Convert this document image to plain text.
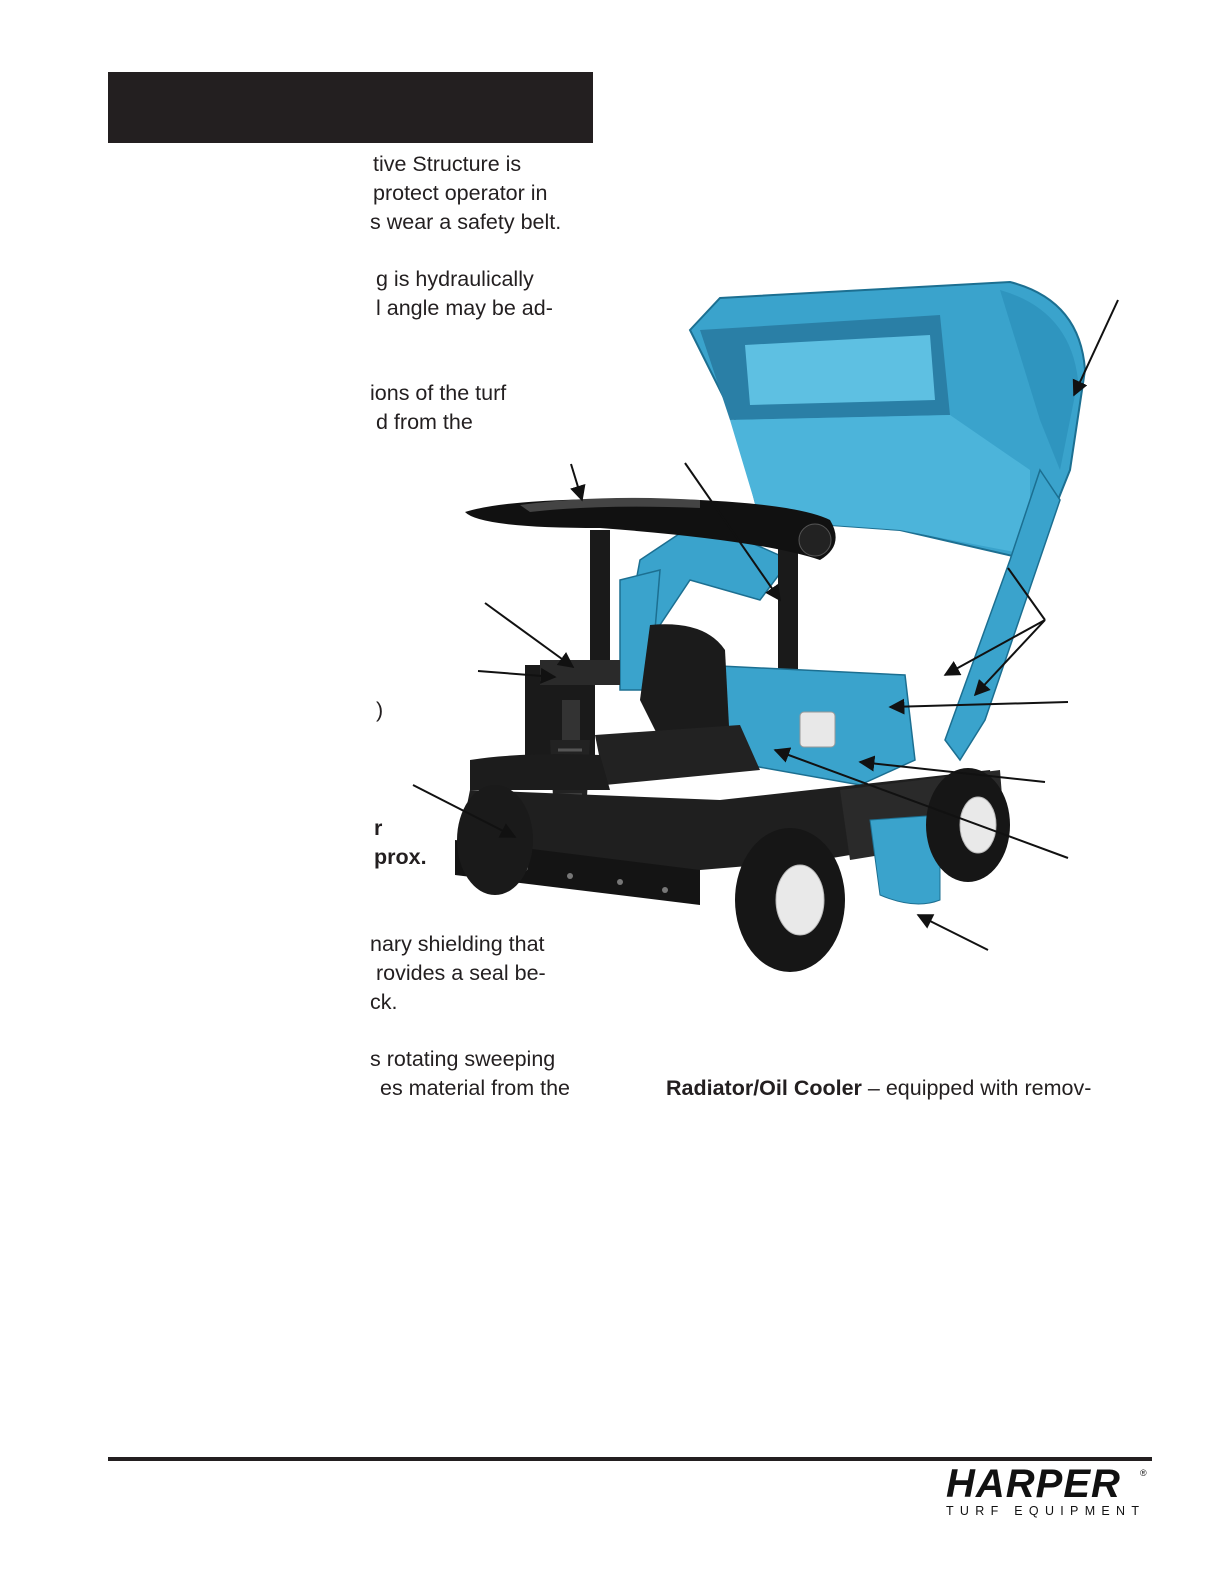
tive Structure is
protect operator in
s wear a safety belt.
g is hydraulically
l angle may be ad-
ions of the turf
d from the
)
r
prox.
nary shielding that
rovides a seal be-
ck.
s rotating sweeping
es material from the	Radiator/Oil Cooler – equipped with remov-
HARPER ®
TURF EQUIPMENT
